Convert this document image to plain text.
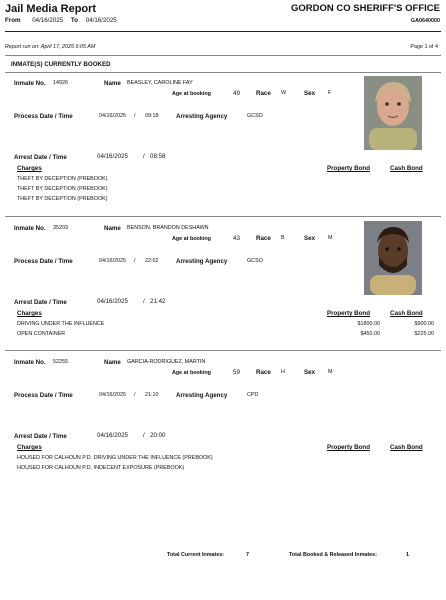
Jail Media Report
From 04/16/2025 To 04/16/2025
GORDON CO SHERIFF'S OFFICE
GA0640000
Report run on: April 17, 2025 6:05 AM	Page 1 of 4
INMATE(S) CURRENTLY BOOKED
Inmate No. 14926	Name BEASLEY, CAROLINE FAY
Age at booking	49	Race W	Sex F
Process Date / Time	04/16/2025 / 09:18	Arresting Agency	GCSO
Arrest Date / Time	04/16/2025 / 08:58
Charges	Property Bond	Cash Bond
THEFT BY DECEPTION (PREBOOK)
THEFT BY DECEPTION (PREBOOK)
THEFT BY DECEPTION (PREBOOK)
Inmate No. 35203	Name BENSON, BRANDON DESHAWN
Age at booking	43	Race B	Sex M
Process Date / Time	04/16/2025 / 22:02	Arresting Agency	GCSO
Arrest Date / Time	04/16/2025 / 21:42
Charges	Property Bond	Cash Bond
DRIVING UNDER THE INFLUENCE	$1800.00	$900.00
OPEN CONTAINER	$450.00	$225.00
Inmate No. 52255	Name GARCIA-RODRIGUEZ, MARTIN
Age at booking	59	Race H	Sex M
Process Date / Time	04/16/2025 / 21:10	Arresting Agency	CPD
Arrest Date / Time	04/16/2025 / 20:00
Charges	Property Bond	Cash Bond
HOUSED FOR CALHOUN P.D. DRIVING UNDER THE INFLUENCE (PREBOOK)
HOUSED FOR CALHOUN P.D. INDECENT EXPOSURE (PREBOOK)
Total Current Inmates:	7	Total Booked & Released Inmates:	1
